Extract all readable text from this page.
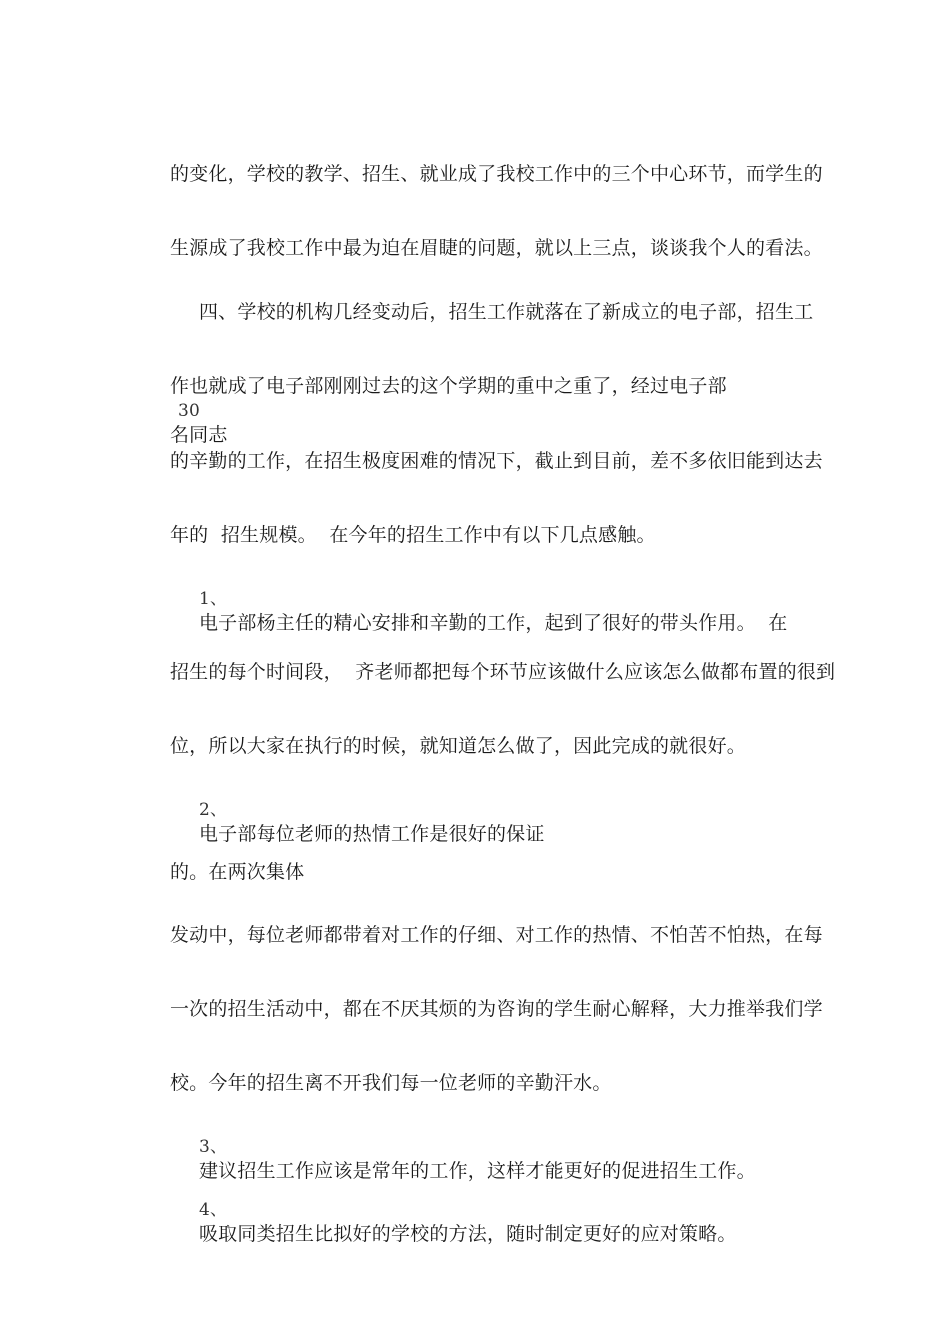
的变化，学校的教学、招生、就业成了我校工作中的三个中心环节，而学生的

生源成了我校工作中最为迫在眉睫的问题，就以上三点，谈谈我个人的看法。

四、学校的机构几经变动后，招生工作就落在了新成立的电子部，招生工

作也就成了电子部刚刚过去的这个学期的重中之重了，经过电子部
30
名同志

的辛勤的工作，在招生极度困难的情况下，截止到目前，差不多依旧能到达去

年的  招生规模。  在今年的招生工作中有以下几点感触。

1、
电子部杨主任的精心安排和辛勤的工作，起到了很好的带头作用。  在

招生的每个时间段，  齐老师都把每个环节应该做什么应该怎么做都布置的很到

位，所以大家在执行的时候，就知道怎么做了，因此完成的就很好。

2、
电子部每位老师的热情工作是很好的保证

的。在两次集体

发动中，每位老师都带着对工作的仔细、对工作的热情、不怕苦不怕热，在每

一次的招生活动中，都在不厌其烦的为咨询的学生耐心解释，大力推举我们学

校。今年的招生离不开我们每一位老师的辛勤汗水。

3、
建议招生工作应该是常年的工作，这样才能更好的促进招生工作。

4、
吸取同类招生比拟好的学校的方法，随时制定更好的应对策略。
